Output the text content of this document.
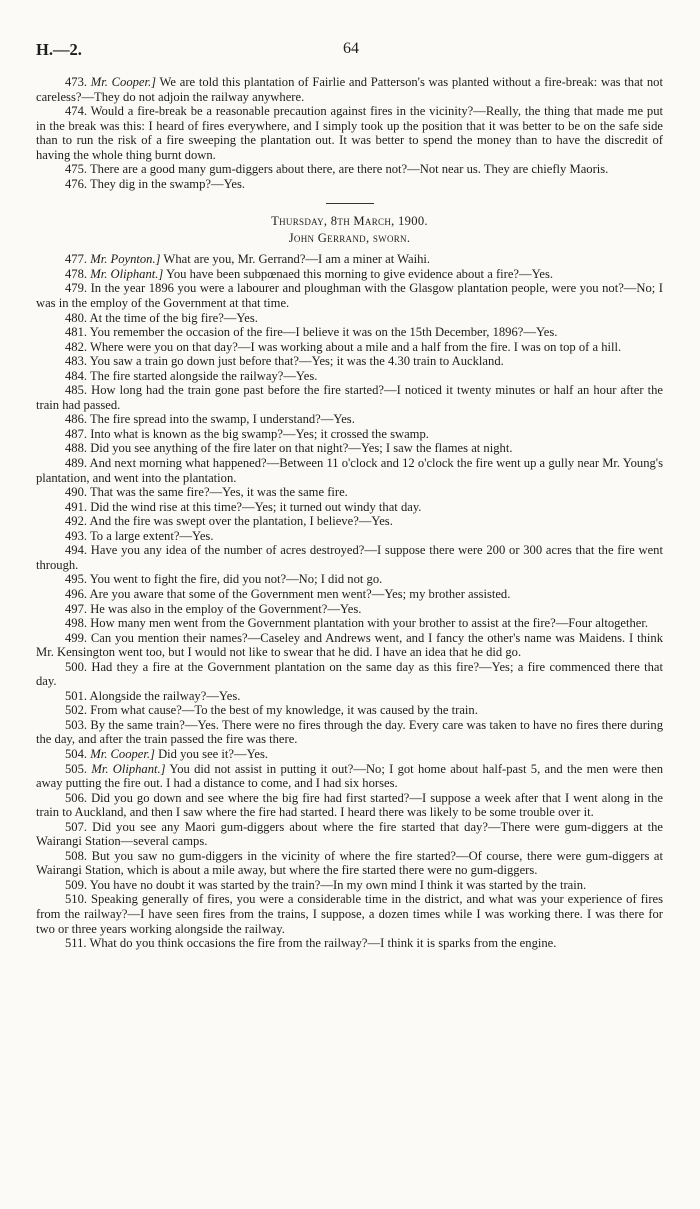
H.—2.	64

473. Mr. Cooper.] We are told this plantation of Fairlie and Patterson's was planted without a fire-break: was that not careless?—They do not adjoin the railway anywhere.

474. Would a fire-break be a reasonable precaution against fires in the vicinity?—Really, the thing that made me put in the break was this: I heard of fires everywhere, and I simply took up the position that it was better to be on the safe side than to run the risk of a fire sweeping the plantation out. It was better to spend the money than to have the discredit of having the whole thing burnt down.

475. There are a good many gum-diggers about there, are there not?—Not near us. They are chiefly Maoris.

476. They dig in the swamp?—Yes.

Thursday, 8th March, 1900.

John Gerrand, sworn.

477. Mr. Poynton.] What are you, Mr. Gerrand?—I am a miner at Waihi.

478. Mr. Oliphant.] You have been subpœnaed this morning to give evidence about a fire?—Yes.

479. In the year 1896 you were a labourer and ploughman with the Glasgow plantation people, were you not?—No; I was in the employ of the Government at that time.

480. At the time of the big fire?—Yes.

481. You remember the occasion of the fire—I believe it was on the 15th December, 1896?—Yes.

482. Where were you on that day?—I was working about a mile and a half from the fire. I was on top of a hill.

483. You saw a train go down just before that?—Yes; it was the 4.30 train to Auckland.

484. The fire started alongside the railway?—Yes.

485. How long had the train gone past before the fire started?—I noticed it twenty minutes or half an hour after the train had passed.

486. The fire spread into the swamp, I understand?—Yes.

487. Into what is known as the big swamp?—Yes; it crossed the swamp.

488. Did you see anything of the fire later on that night?—Yes; I saw the flames at night.

489. And next morning what happened?—Between 11 o'clock and 12 o'clock the fire went up a gully near Mr. Young's plantation, and went into the plantation.

490. That was the same fire?—Yes, it was the same fire.

491. Did the wind rise at this time?—Yes; it turned out windy that day.

492. And the fire was swept over the plantation, I believe?—Yes.

493. To a large extent?—Yes.

494. Have you any idea of the number of acres destroyed?—I suppose there were 200 or 300 acres that the fire went through.

495. You went to fight the fire, did you not?—No; I did not go.

496. Are you aware that some of the Government men went?—Yes; my brother assisted.

497. He was also in the employ of the Government?—Yes.

498. How many men went from the Government plantation with your brother to assist at the fire?—Four altogether.

499. Can you mention their names?—Caseley and Andrews went, and I fancy the other's name was Maidens. I think Mr. Kensington went too, but I would not like to swear that he did. I have an idea that he did go.

500. Had they a fire at the Government plantation on the same day as this fire?—Yes; a fire commenced there that day.

501. Alongside the railway?—Yes.

502. From what cause?—To the best of my knowledge, it was caused by the train.

503. By the same train?—Yes. There were no fires through the day. Every care was taken to have no fires there during the day, and after the train passed the fire was there.

504. Mr. Cooper.] Did you see it?—Yes.

505. Mr. Oliphant.] You did not assist in putting it out?—No; I got home about half-past 5, and the men were then away putting the fire out. I had a distance to come, and I had six horses.

506. Did you go down and see where the big fire had first started?—I suppose a week after that I went along in the train to Auckland, and then I saw where the fire had started. I heard there was likely to be some trouble over it.

507. Did you see any Maori gum-diggers about where the fire started that day?—There were gum-diggers at the Wairangi Station—several camps.

508. But you saw no gum-diggers in the vicinity of where the fire started?—Of course, there were gum-diggers at Wairangi Station, which is about a mile away, but where the fire started there were no gum-diggers.

509. You have no doubt it was started by the train?—In my own mind I think it was started by the train.

510. Speaking generally of fires, you were a considerable time in the district, and what was your experience of fires from the railway?—I have seen fires from the trains, I suppose, a dozen times while I was working there. I was there for two or three years working alongside the railway.

511. What do you think occasions the fire from the railway?—I think it is sparks from the engine.
